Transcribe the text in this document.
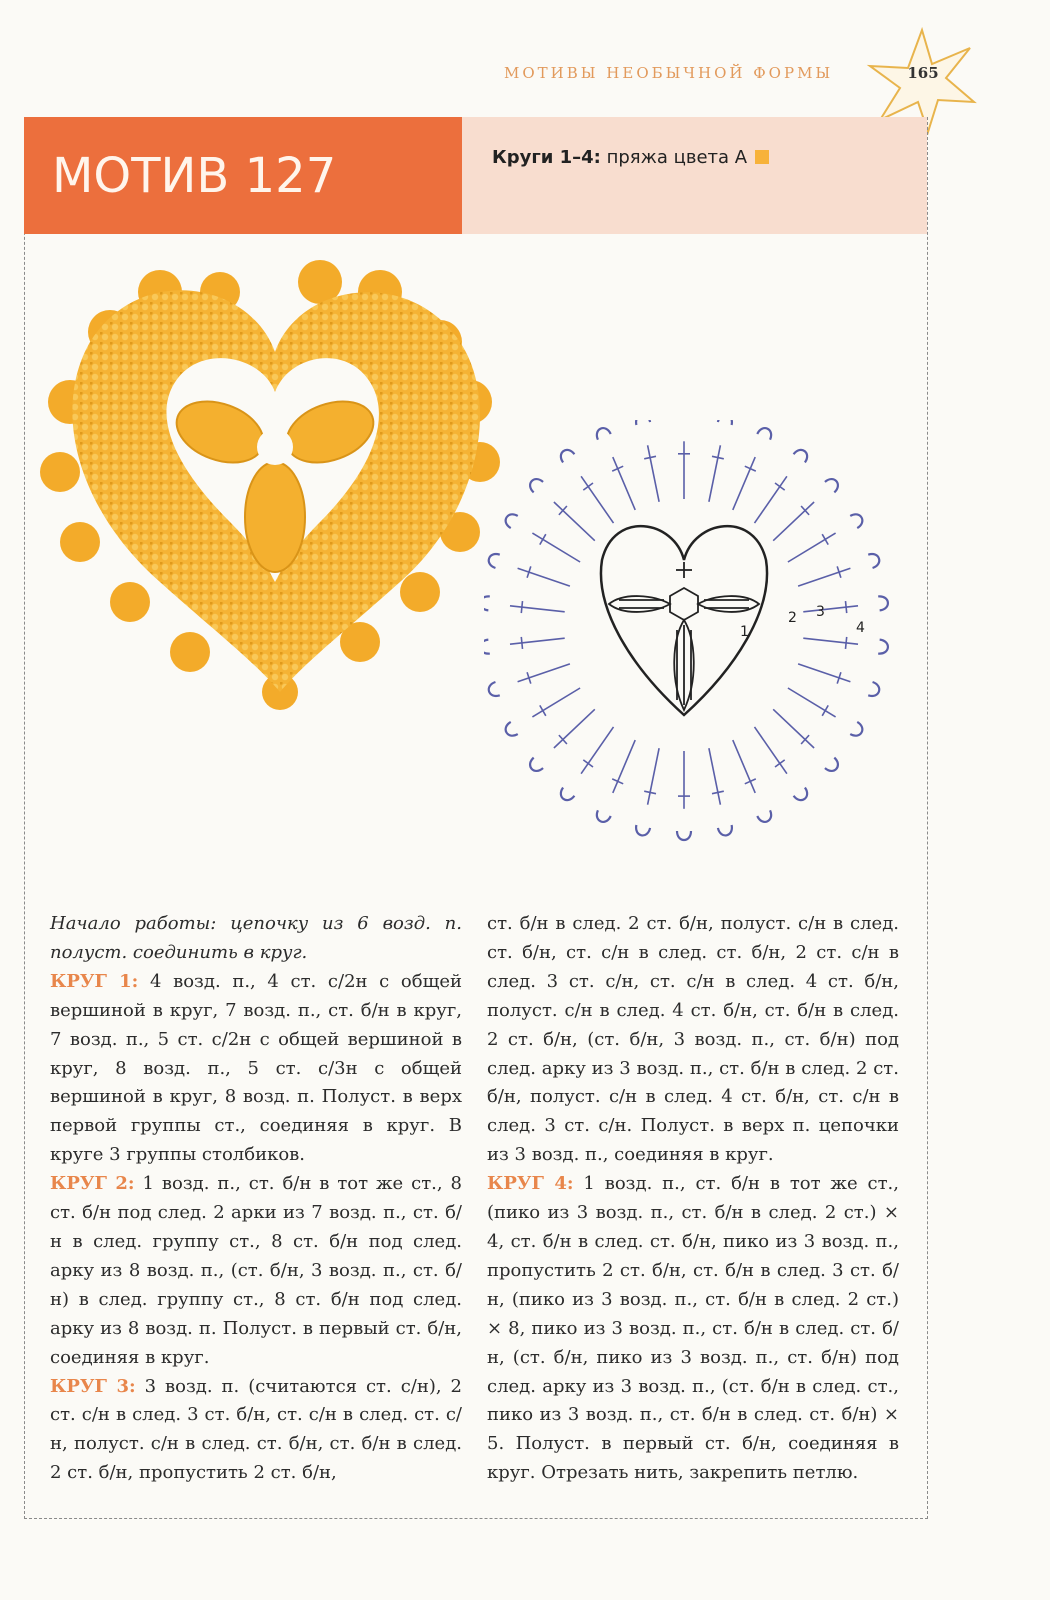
МОТИВЫ НЕОБЫЧНОЙ ФОРМЫ	165
МОТИВ 127	Круги 1–4: пряжа цвета А
1
2 3
4

Начало работы: цепочку из 6 возд. п. полуст. соединить в круг.

КРУГ 1: 4 возд. п., 4 ст. с/2н с общей вершиной в круг, 7 возд. п., ст. б/н в круг, 7 возд. п., 5 ст. с/2н с общей вершиной в круг, 8 возд. п., 5 ст. с/3н с общей вершиной в круг, 8 возд. п. Полуст. в верх первой группы ст., соединяя в круг. В круге 3 группы столбиков.

КРУГ 2: 1 возд. п., ст. б/н в тот же ст., 8 ст. б/н под след. 2 арки из 7 возд. п., ст. б/н в след. группу ст., 8 ст. б/н под след. арку из 8 возд. п., (ст. б/н, 3 возд. п., ст. б/н) в след. группу ст., 8 ст. б/н под след. арку из 8 возд. п. Полуст. в первый ст. б/н, соединяя в круг.

КРУГ 3: 3 возд. п. (считаются ст. с/н), 2 ст. с/н в след. 3 ст. б/н, ст. с/н в след. ст. с/н, полуст. с/н в след. ст. б/н, ст. б/н в след. 2 ст. б/н, пропустить 2 ст. б/н,

ст. б/н в след. 2 ст. б/н, полуст. с/н в след. ст. б/н, ст. с/н в след. ст. б/н, 2 ст. с/н в след. 3 ст. с/н, ст. с/н в след. 4 ст. б/н, полуст. с/н в след. 4 ст. б/н, ст. б/н в след. 2 ст. б/н, (ст. б/н, 3 возд. п., ст. б/н) под след. арку из 3 возд. п., ст. б/н в след. 2 ст. б/н, полуст. с/н в след. 4 ст. б/н, ст. с/н в след. 3 ст. с/н. Полуст. в верх п. цепочки из 3 возд. п., соединяя в круг.

КРУГ 4: 1 возд. п., ст. б/н в тот же ст., (пико из 3 возд. п., ст. б/н в след. 2 ст.) × 4, ст. б/н в след. ст. б/н, пико из 3 возд. п., пропустить 2 ст. б/н, ст. б/н в след. 3 ст. б/н, (пико из 3 возд. п., ст. б/н в след. 2 ст.) × 8, пико из 3 возд. п., ст. б/н в след. ст. б/н, (ст. б/н, пико из 3 возд. п., ст. б/н) под след. арку из 3 возд. п., (ст. б/н в след. ст., пико из 3 возд. п., ст. б/н в след. ст. б/н) × 5. Полуст. в первый ст. б/н, соединяя в круг. Отрезать нить, закрепить петлю.
